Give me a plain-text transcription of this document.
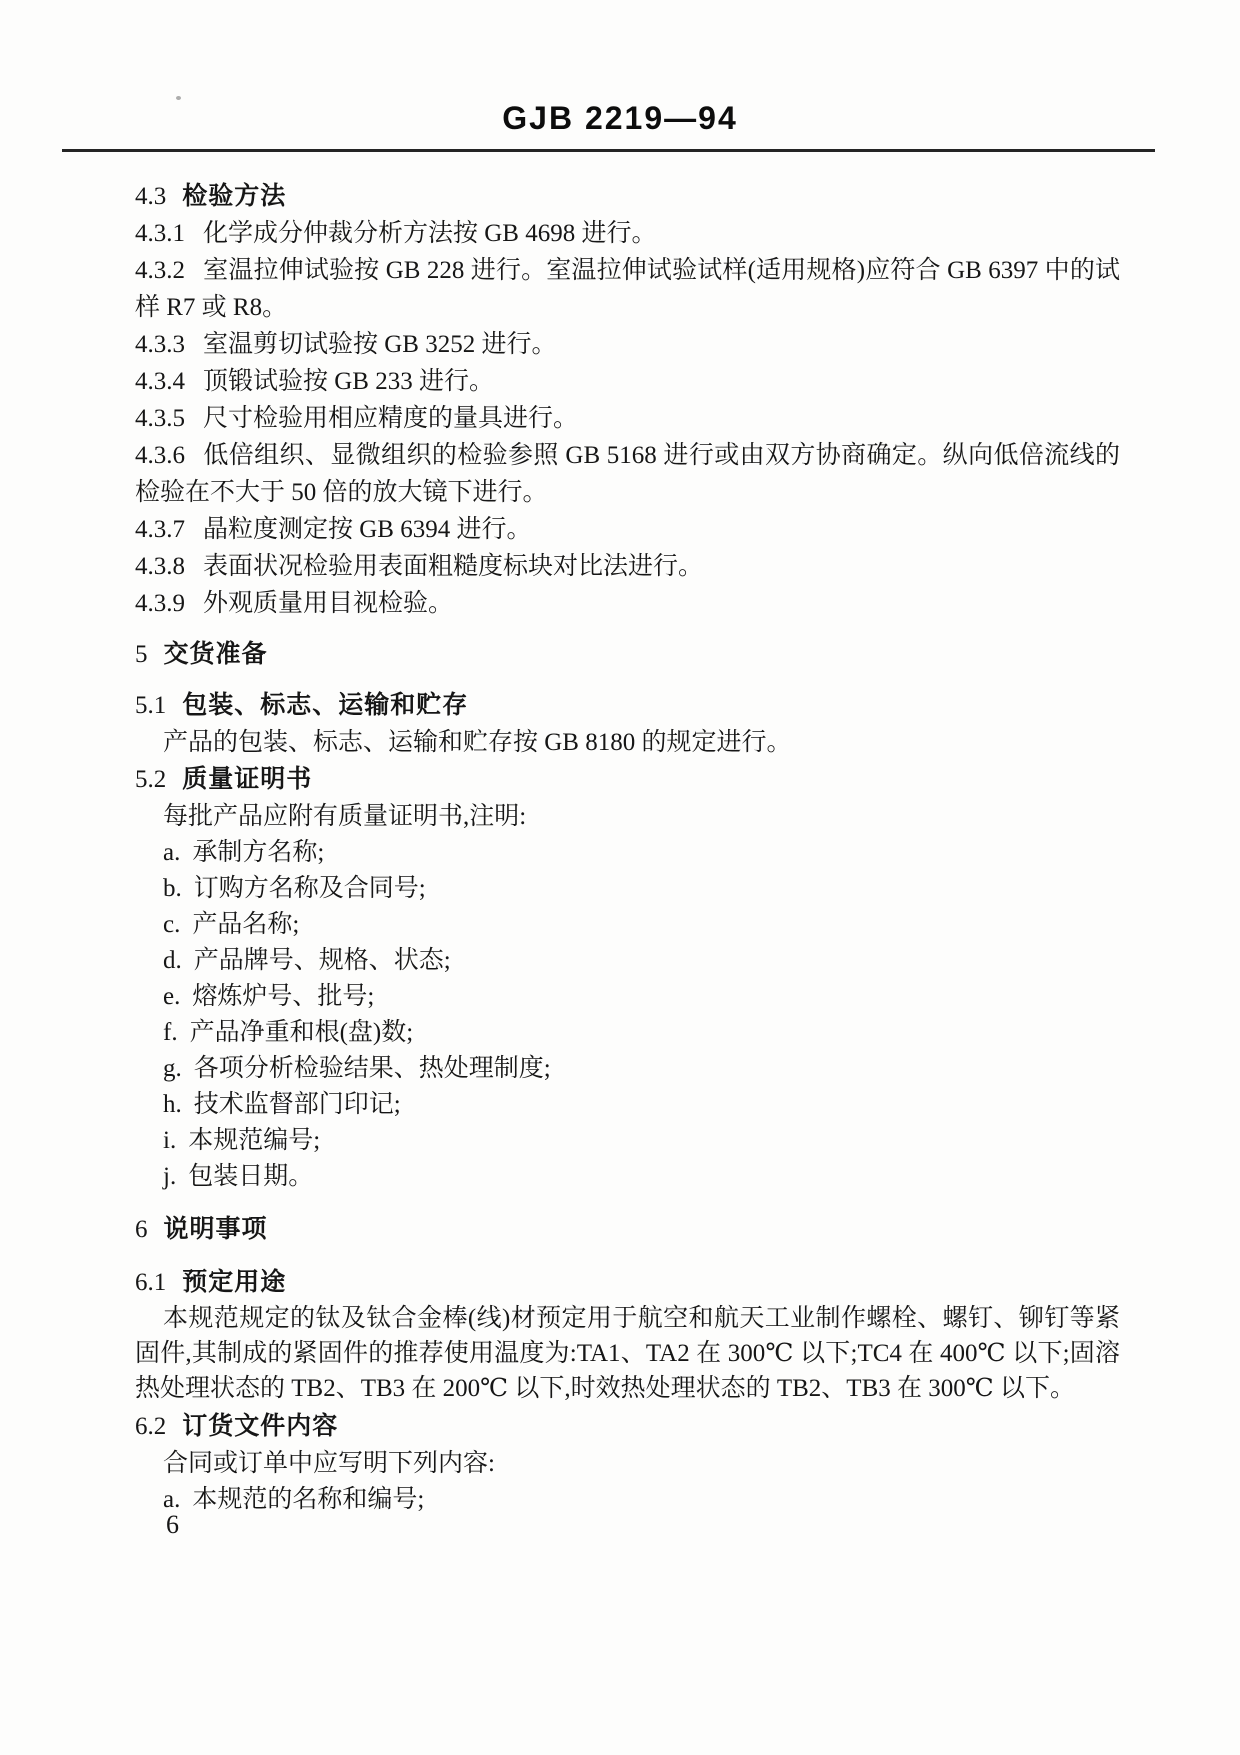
GJB 2219—94
4.3 检验方法
4.3.1 化学成分仲裁分析方法按 GB 4698 进行。
4.3.2 室温拉伸试验按 GB 228 进行。室温拉伸试验试样(适用规格)应符合 GB 6397 中的试样 R7 或 R8。
4.3.3 室温剪切试验按 GB 3252 进行。
4.3.4 顶锻试验按 GB 233 进行。
4.3.5 尺寸检验用相应精度的量具进行。
4.3.6 低倍组织、显微组织的检验参照 GB 5168 进行或由双方协商确定。纵向低倍流线的检验在不大于 50 倍的放大镜下进行。
4.3.7 晶粒度测定按 GB 6394 进行。
4.3.8 表面状况检验用表面粗糙度标块对比法进行。
4.3.9 外观质量用目视检验。
5 交货准备
5.1 包装、标志、运输和贮存
产品的包装、标志、运输和贮存按 GB 8180 的规定进行。
5.2 质量证明书
每批产品应附有质量证明书,注明:
a. 承制方名称;
b. 订购方名称及合同号;
c. 产品名称;
d. 产品牌号、规格、状态;
e. 熔炼炉号、批号;
f. 产品净重和根(盘)数;
g. 各项分析检验结果、热处理制度;
h. 技术监督部门印记;
i. 本规范编号;
j. 包装日期。
6 说明事项
6.1 预定用途
本规范规定的钛及钛合金棒(线)材预定用于航空和航天工业制作螺栓、螺钉、铆钉等紧固件,其制成的紧固件的推荐使用温度为:TA1、TA2 在 300℃ 以下;TC4 在 400℃ 以下;固溶热处理状态的 TB2、TB3 在 200℃ 以下,时效热处理状态的 TB2、TB3 在 300℃ 以下。
6.2 订货文件内容
合同或订单中应写明下列内容:
a. 本规范的名称和编号;
6
